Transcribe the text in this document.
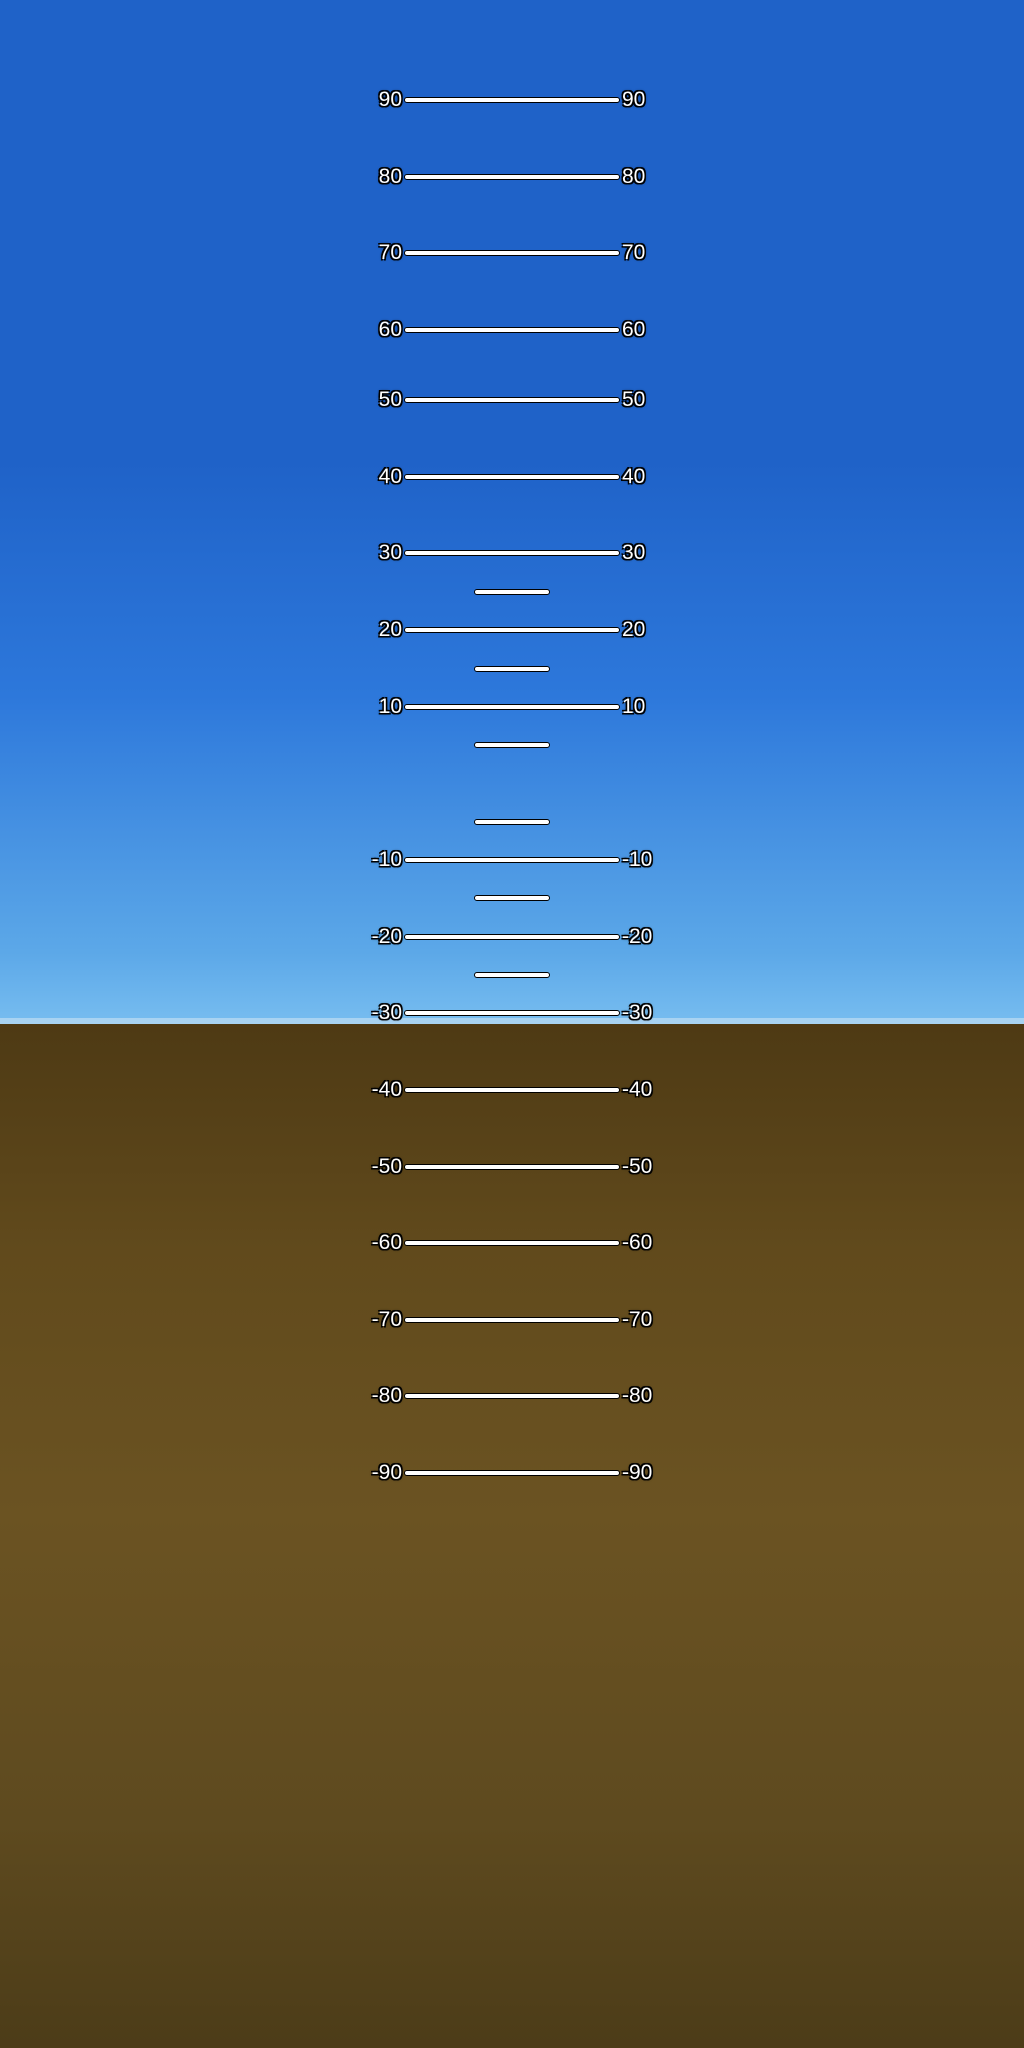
90	90
80	80
70	70
60	60
50	50
40	40
30	30
20	20
10	10
-10	-10
-20	-20
-30	-30
-40	-40
-50	-50
-60	-60
-70	-70
-80	-80
-90	-90
